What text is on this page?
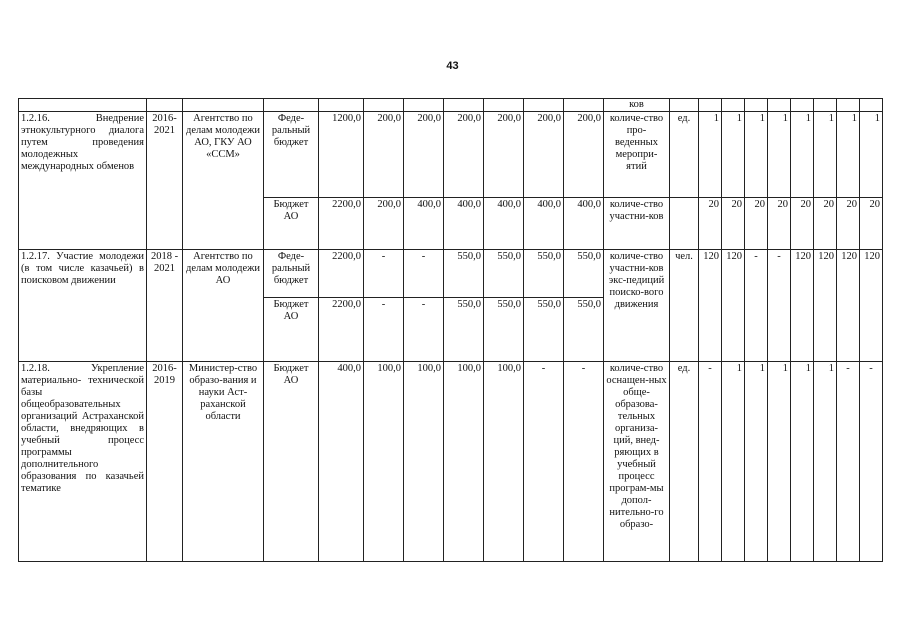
43
											ков									
1.2.16. Внедрение этнокультурного диалога путем проведения молодежных международных обменов	2016-2021	Агентство по делам молодежи АО, ГКУ АО «ССМ»	Феде-ральный бюджет	1200,0	200,0	200,0	200,0	200,0	200,0	200,0	количе-ство про-веденных меропри-ятий	ед.	1	1	1	1	1	1	1	1
			Бюджет АО	2200,0	200,0	400,0	400,0	400,0	400,0	400,0	количе-ство участни-ков		20	20	20	20	20	20	20	20
1.2.17. Участие молодежи (в том числе казачьей) в поисковом движении	2018 - 2021	Агентство по делам молодежи АО	Феде-ральный бюджет	2200,0	-	-	550,0	550,0	550,0	550,0	количе-ство участни-ков экс-педиций поиско-вого движения	чел.	120	120	-	-	120	120	120	120
			Бюджет АО	2200,0	-	-	550,0	550,0	550,0	550,0										
1.2.18. Укрепление материально- технической базы общеобразовательных организаций Астраханской области, внедряющих в учебный процесс программы дополнительного образования по казачьей тематике	2016-2019	Министер-ство образо-вания и науки Аст-раханской области	Бюджет АО	400,0	100,0	100,0	100,0	100,0	-	-	количе-ство оснащен-ных обще-образова-тельных организа-ций, внед-ряющих в учебный процесс програм-мы допол-нительно-го образо-	ед.	-	1	1	1	1	1	-	-
